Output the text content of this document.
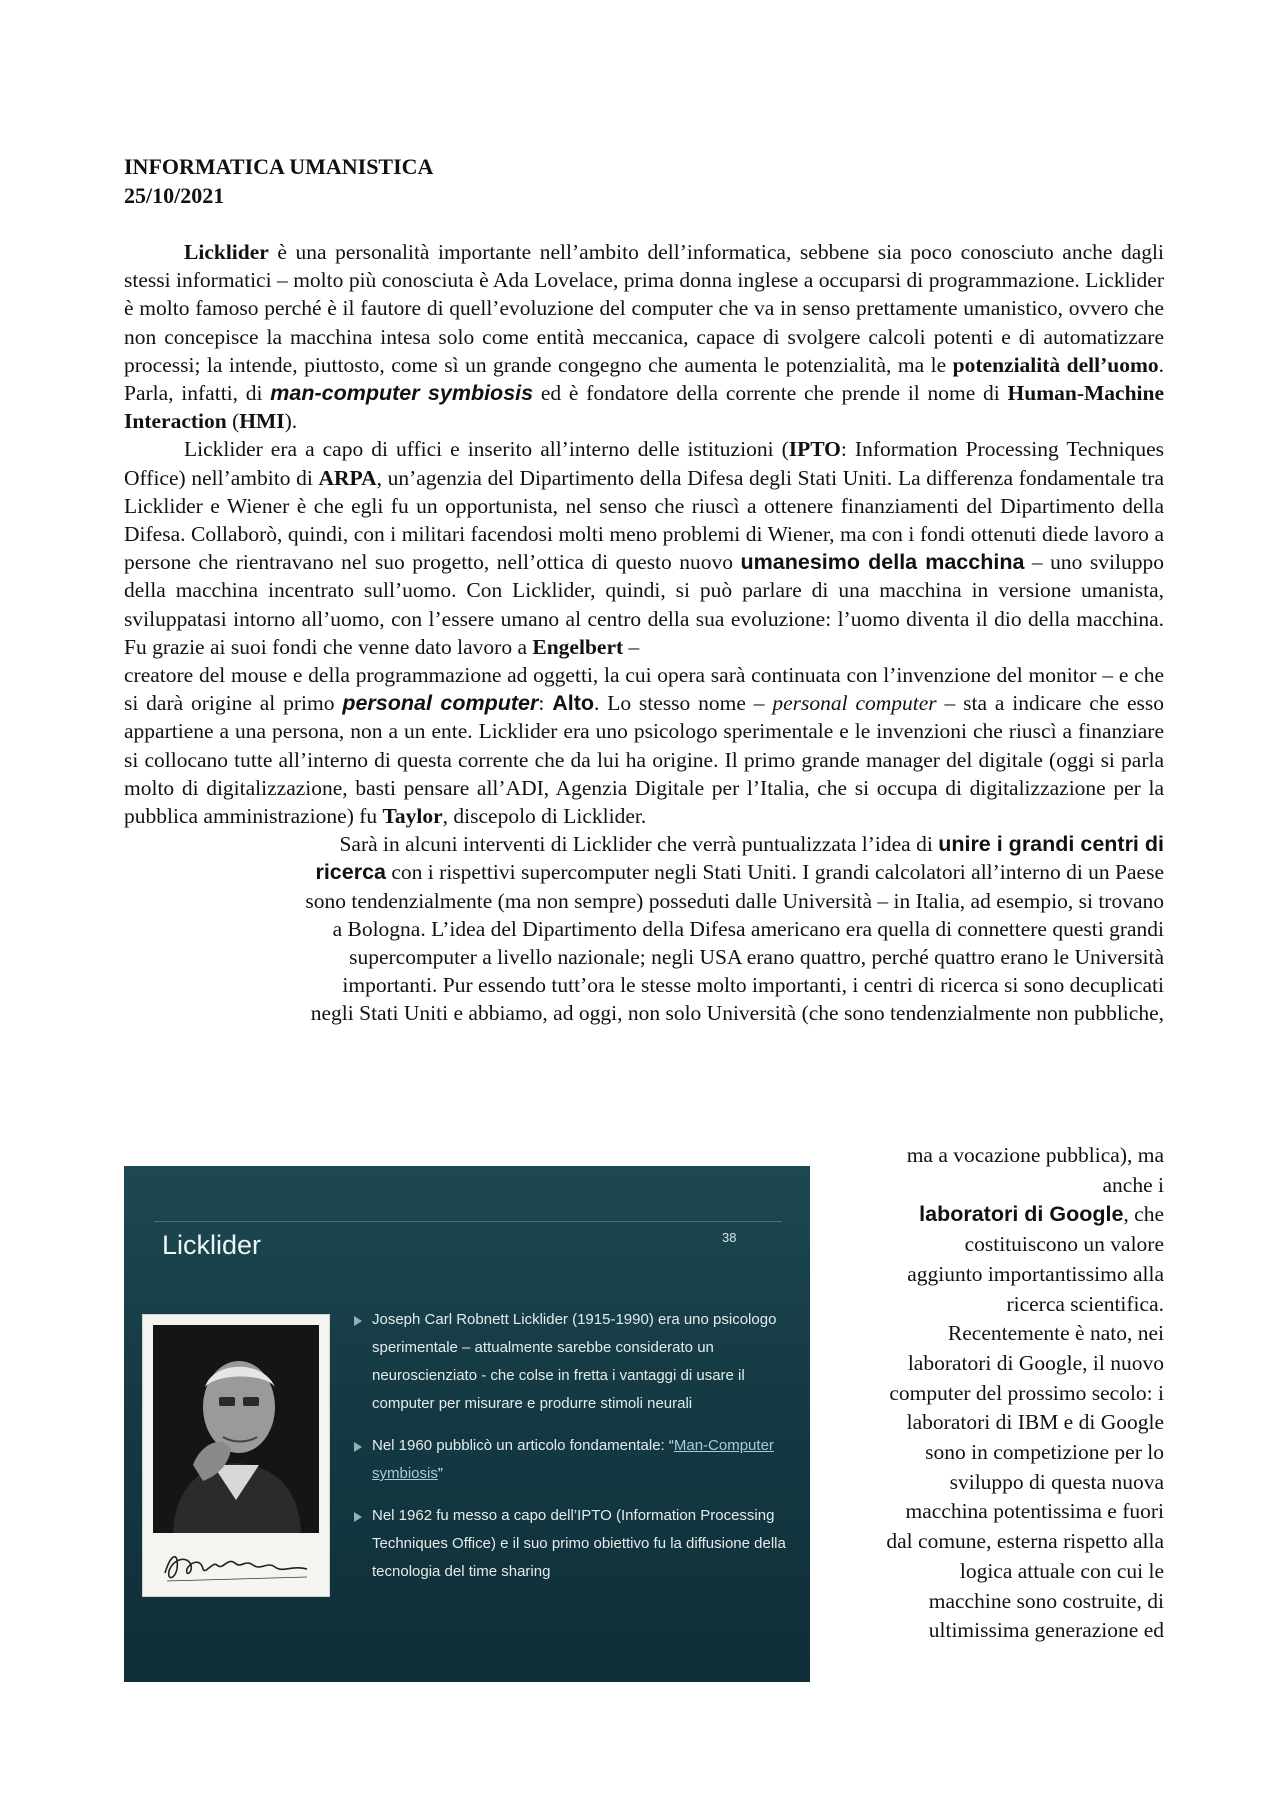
INFORMATICA UMANISTICA
25/10/2021

Licklider è una personalità importante nell’ambito dell’informatica, sebbene sia poco conosciuto anche dagli stessi informatici – molto più conosciuta è Ada Lovelace, prima donna inglese a occuparsi di programmazione. Licklider è molto famoso perché è il fautore di quell’evoluzione del computer che va in senso prettamente umanistico, ovvero che non concepisce la macchina intesa solo come entità meccanica, capace di svolgere calcoli potenti e di automatizzare processi; la intende, piuttosto, come sì un grande congegno che aumenta le potenzialità, ma le potenzialità dell’uomo. Parla, infatti, di man-computer symbiosis ed è fondatore della corrente che prende il nome di Human-Machine Interaction (HMI).

Licklider era a capo di uffici e inserito all’interno delle istituzioni (IPTO: Information Processing Techniques Office) nell’ambito di ARPA, un’agenzia del Dipartimento della Difesa degli Stati Uniti. La differenza fondamentale tra Licklider e Wiener è che egli fu un opportunista, nel senso che riuscì a ottenere finanziamenti del Dipartimento della Difesa. Collaborò, quindi, con i militari facendosi molti meno problemi di Wiener, ma con i fondi ottenuti diede lavoro a persone che rientravano nel suo progetto, nell’ottica di questo nuovo umanesimo della macchina – uno sviluppo della macchina incentrato sull’uomo. Con Licklider, quindi, si può parlare di una macchina in versione umanista, sviluppatasi intorno all’uomo, con l’essere umano al centro della sua evoluzione: l’uomo diventa il dio della macchina. Fu grazie ai suoi fondi che venne dato lavoro a Engelbert –

creatore del mouse e della programmazione ad oggetti, la cui opera sarà continuata con l’invenzione del monitor – e che si darà origine al primo personal computer: Alto. Lo stesso nome – personal computer – sta a indicare che esso appartiene a una persona, non a un ente. Licklider era uno psicologo sperimentale e le invenzioni che riuscì a finanziare si collocano tutte all’interno di questa corrente che da lui ha origine. Il primo grande manager del digitale (oggi si parla molto di digitalizzazione, basti pensare all’ADI, Agenzia Digitale per l’Italia, che si occupa di digitalizzazione per la pubblica amministrazione) fu Taylor, discepolo di Licklider.

Sarà in alcuni interventi di Licklider che verrà puntualizzata l’idea di unire i grandi centri di
ricerca con i rispettivi supercomputer negli Stati Uniti. I grandi calcolatori all’interno di un Paese
sono tendenzialmente (ma non sempre) posseduti dalle Università – in Italia, ad esempio, si trovano
a Bologna. L’idea del Dipartimento della Difesa americano era quella di connettere questi grandi
supercomputer a livello nazionale; negli USA erano quattro, perché quattro erano le Università
importanti. Pur essendo tutt’ora le stesse molto importanti, i centri di ricerca si sono decuplicati
negli Stati Uniti e abbiamo, ad oggi, non solo Università (che sono tendenzialmente non pubbliche,
Licklider	38
Joseph Carl Robnett Licklider (1915-1990) era uno psicologo sperimentale – attualmente sarebbe considerato un neuroscienziato - che colse in fretta i vantaggi di usare il computer per misurare e produrre stimoli neurali
Nel 1960 pubblicò un articolo fondamentale: “Man-Computer symbiosis”
Nel 1962 fu messo a capo dell’IPTO (Information Processing Techniques Office) e il suo primo obiettivo fu la diffusione della tecnologia del time sharing
ma a vocazione pubblica), ma
anche i
laboratori di Google, che
costituiscono un valore
aggiunto importantissimo alla
ricerca scientifica.
Recentemente è nato, nei
laboratori di Google, il nuovo
computer del prossimo secolo: i
laboratori di IBM e di Google
sono in competizione per lo
sviluppo di questa nuova
macchina potentissima e fuori
dal comune, esterna rispetto alla
logica attuale con cui le
macchine sono costruite, di
ultimissima generazione ed
